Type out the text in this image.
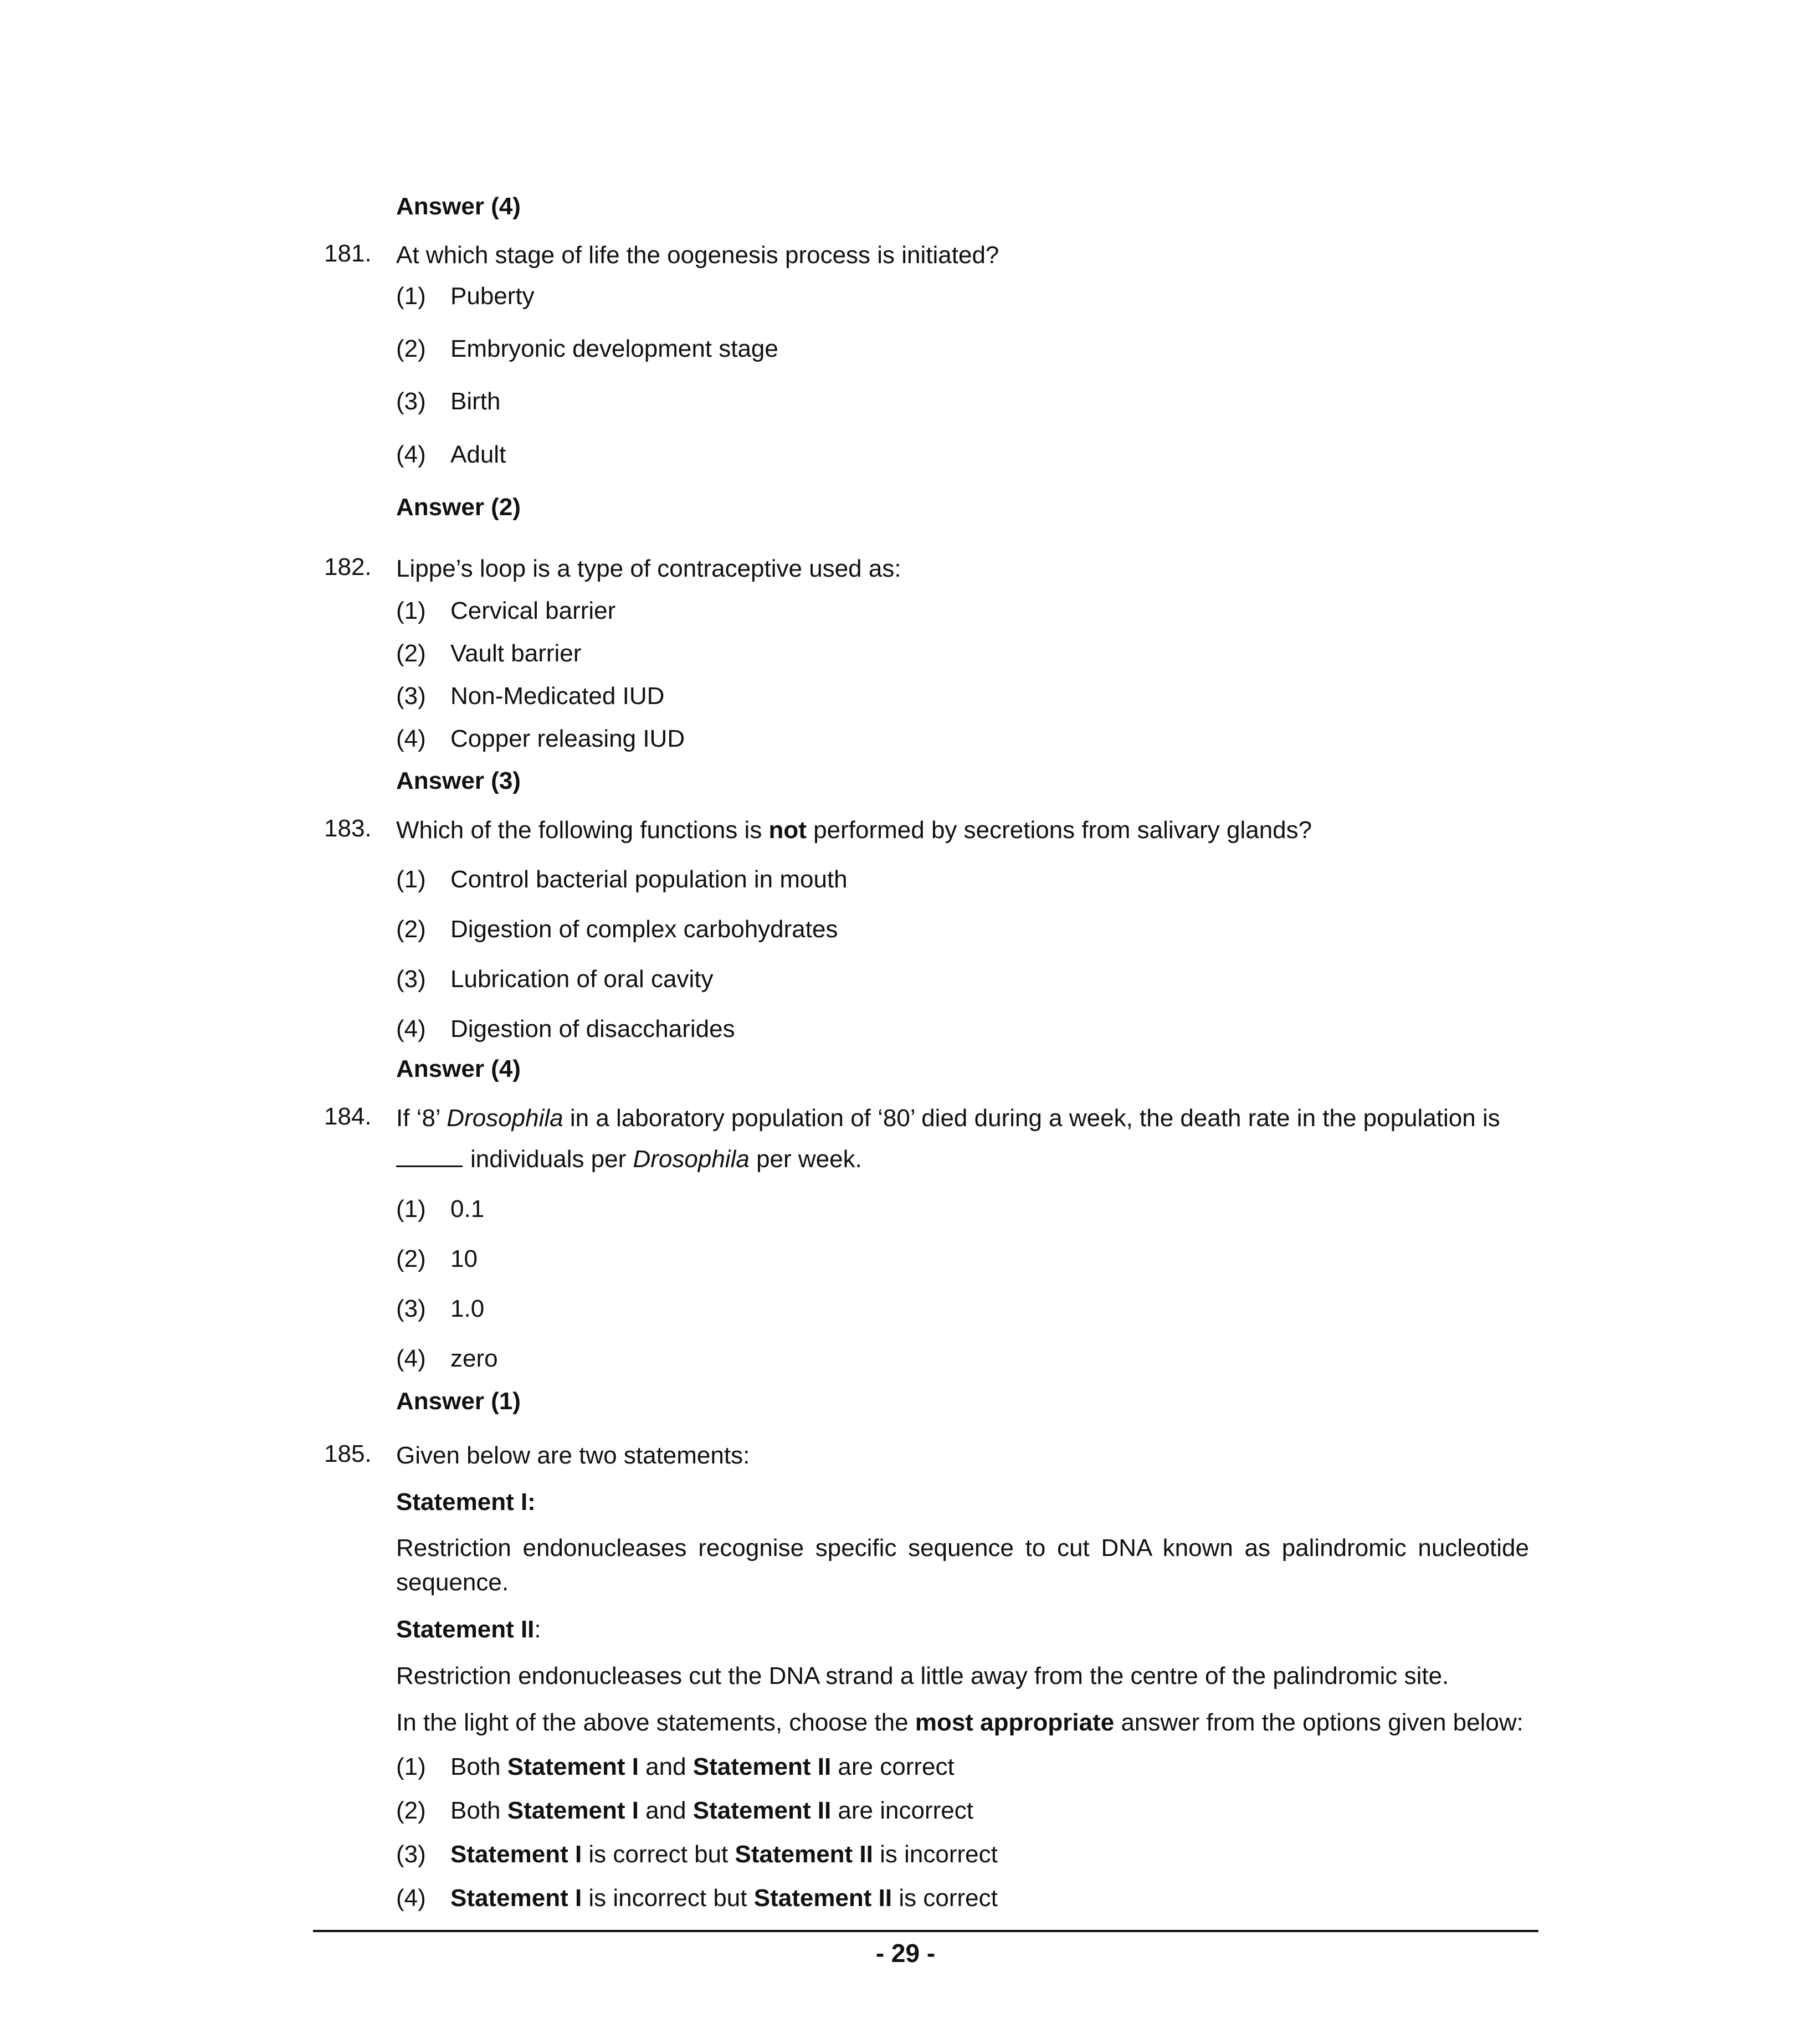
Answer (4)
181. At which stage of life the oogenesis process is initiated?
(1) Puberty
(2) Embryonic development stage
(3) Birth
(4) Adult
Answer (2)
182. Lippe’s loop is a type of contraceptive used as:
(1) Cervical barrier
(2) Vault barrier
(3) Non-Medicated IUD
(4) Copper releasing IUD
Answer (3)
183. Which of the following functions is not performed by secretions from salivary glands?
(1) Control bacterial population in mouth
(2) Digestion of complex carbohydrates
(3) Lubrication of oral cavity
(4) Digestion of disaccharides
Answer (4)
184. If ‘8’ Drosophila in a laboratory population of ‘80’ died during a week, the death rate in the population is
individuals per Drosophila per week.
(1) 0.1
(2) 10
(3) 1.0
(4) zero
Answer (1)
185. Given below are two statements:
Statement I:
Restriction endonucleases recognise specific sequence to cut DNA known as palindromic nucleotide sequence.
Statement II:
Restriction endonucleases cut the DNA strand a little away from the centre of the palindromic site.
In the light of the above statements, choose the most appropriate answer from the options given below:
(1) Both Statement I and Statement II are correct
(2) Both Statement I and Statement II are incorrect
(3) Statement I is correct but Statement II is incorrect
(4) Statement I is incorrect but Statement II is correct
- 29 -
